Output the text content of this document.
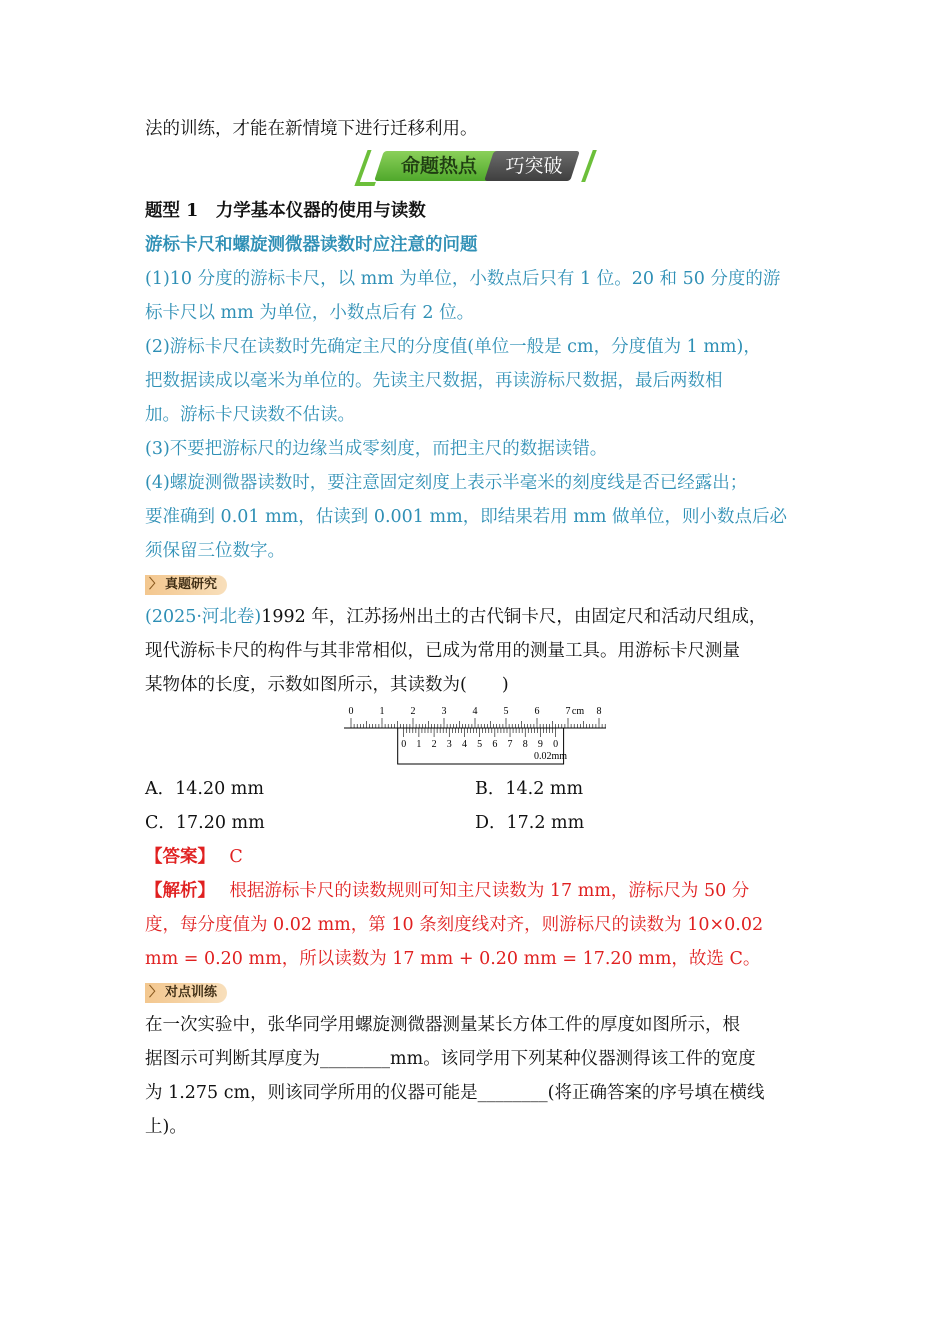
法的训练，才能在新情境下进行迁移利用。
命题热点	巧突破
题型 1　力学基本仪器的使用与读数
游标卡尺和螺旋测微器读数时应注意的问题
(1)10 分度的游标卡尺，以 mm 为单位，小数点后只有 1 位。20 和 50 分度的游
标卡尺以 mm 为单位，小数点后有 2 位。
(2)游标卡尺在读数时先确定主尺的分度值(单位一般是 cm，分度值为 1 mm)，
把数据读成以毫米为单位的。先读主尺数据，再读游标尺数据，最后两数相
加。游标卡尺读数不估读。
(3)不要把游标尺的边缘当成零刻度，而把主尺的数据读错。
(4)螺旋测微器读数时，要注意固定刻度上表示半毫米的刻度线是否已经露出；
要准确到 0.01 mm，估读到 0.001 mm，即结果若用 mm 做单位，则小数点后必
须保留三位数字。
〉 真题研究
(2025·河北卷)1992 年，江苏扬州出土的古代铜卡尺，由固定尺和活动尺组成，
现代游标卡尺的构件与其非常相似，已成为常用的测量工具。用游标卡尺测量
某物体的长度，示数如图所示，其读数为(　　)
0	1	2	3	4	5	6	7	8
cm
0 1 2 3 4 5 6 7 8 9 0
0.02mm
A．14.20 mm	B．14.2 mm
C．17.20 mm	D．17.2 mm
【答案】　 C
【解析】　 根据游标卡尺的读数规则可知主尺读数为 17 mm，游标尺为 50 分
度，每分度值为 0.02 mm，第 10 条刻度线对齐，则游标尺的读数为 10×0.02
mm = 0.20 mm，所以读数为 17 mm + 0.20 mm = 17.20 mm，故选 C。
〉 对点训练
在一次实验中，张华同学用螺旋测微器测量某长方体工件的厚度如图所示，根
据图示可判断其厚度为________mm。该同学用下列某种仪器测得该工件的宽度
为 1.275 cm，则该同学所用的仪器可能是________(将正确答案的序号填在横线
上)。
